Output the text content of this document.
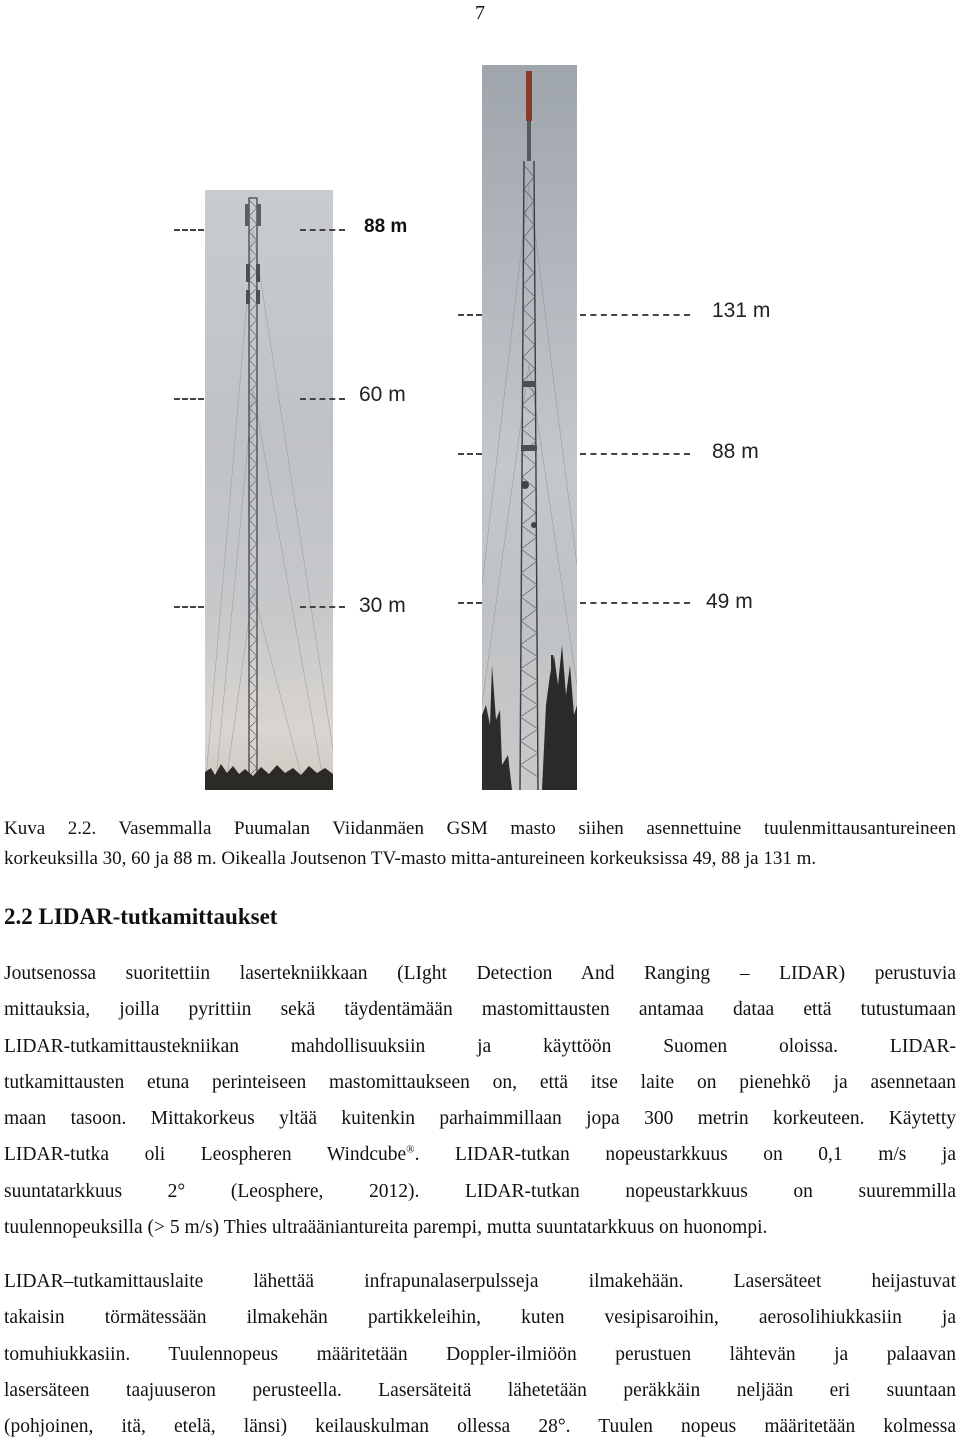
7
88 m
60 m
30 m
131 m
88 m
49 m
Kuva 2.2. Vasemmalla Puumalan Viidanmäen GSM masto siihen asennettuine tuulenmittausantureineen
korkeuksilla 30, 60 ja 88 m. Oikealla Joutsenon TV-masto mitta-antureineen korkeuksissa 49, 88 ja 131 m.
2.2 LIDAR-tutkamittaukset
Joutsenossa suoritettiin lasertekniikkaan (LIght Detection And Ranging – LIDAR) perustuvia
mittauksia, joilla pyrittiin sekä täydentämään mastomittausten antamaa dataa että tutustumaan
LIDAR-tutkamittaustekniikan mahdollisuuksiin ja käyttöön Suomen oloissa. LIDAR-
tutkamittausten etuna perinteiseen mastomittaukseen on, että itse laite on pienehkö ja asennetaan
maan tasoon. Mittakorkeus yltää kuitenkin parhaimmillaan jopa 300 metrin korkeuteen. Käytetty
LIDAR-tutka oli Leospheren Windcube®. LIDAR-tutkan nopeustarkkuus on 0,1 m/s ja
suuntatarkkuus 2° (Leosphere, 2012). LIDAR-tutkan nopeustarkkuus on suuremmilla
tuulennopeuksilla (> 5 m/s) Thies ultraääniantureita parempi, mutta suuntatarkkuus on huonompi.
LIDAR–tutkamittauslaite lähettää infrapunalaserpulsseja ilmakehään. Lasersäteet heijastuvat
takaisin törmätessään ilmakehän partikkeleihin, kuten vesipisaroihin, aerosolihiukkasiin ja
tomuhiukkasiin. Tuulennopeus määritetään Doppler-ilmiöön perustuen lähtevän ja palaavan
lasersäteen taajuuseron perusteella. Lasersäteitä lähetetään peräkkäin neljään eri suuntaan
(pohjoinen, itä, etelä, länsi) keilauskulman ollessa 28°. Tuulen nopeus määritetään kolmessa
